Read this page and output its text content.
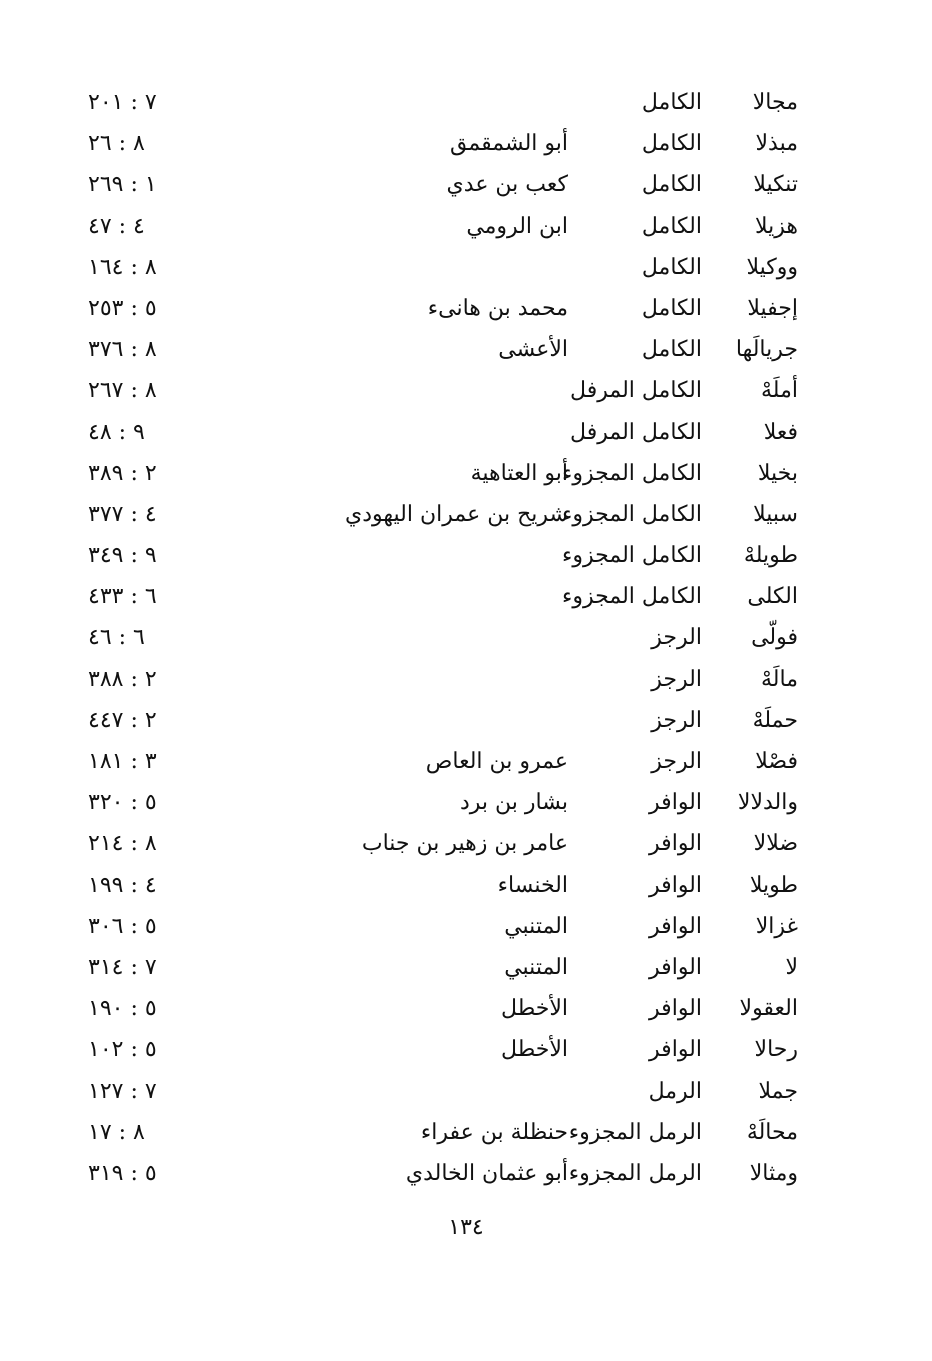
مجالا
الكامل
٧ : ٢٠١
مبذلا
الكامل
أبو الشمقمق
٨ : ٢٦
تنكيلا
الكامل
كعب بن عدي
١ : ٢٦٩
هزيلا
الكامل
ابن الرومي
٤ : ٤٧
ووكيلا
الكامل
٨ : ١٦٤
إجفيلا
الكامل
محمد بن هانىء
٥ : ٢٥٣
جريالَها
الكامل
الأعشى
٨ : ٣٧٦
أملَهْ
الكامل المرفل
٨ : ٢٦٧
فعلا
الكامل المرفل
٩ : ٤٨
بخيلا
الكامل المجزوء
أبو العتاهية
٢ : ٣٨٩
سبيلا
الكامل المجزوء
شريح بن عمران اليهودي
٤ : ٣٧٧
طويلهْ
الكامل المجزوء
٩ : ٣٤٩
الكلى
الكامل المجزوء
٦ : ٤٣٣
فولّى
الرجز
٦ : ٤٦
مالَهْ
الرجز
٢ : ٣٨٨
حملَهْ
الرجز
٢ : ٤٤٧
فصْلا
الرجز
عمرو بن العاص
٣ : ١٨١
والدلالا
الوافر
بشار بن برد
٥ : ٣٢٠
ضلالا
الوافر
عامر بن زهير بن جناب
٨ : ٢١٤
طويلا
الوافر
الخنساء
٤ : ١٩٩
غزالا
الوافر
المتنبي
٥ : ٣٠٦
لا
الوافر
المتنبي
٧ : ٣١٤
العقولا
الوافر
الأخطل
٥ : ١٩٠
رحالا
الوافر
الأخطل
٥ : ١٠٢
جملا
الرمل
٧ : ١٢٧
محالَهْ
الرمل المجزوء
حنظلة بن عفراء
٨ : ١٧
ومثالا
الرمل المجزوء
أبو عثمان الخالدي
٥ : ٣١٩
١٣٤
